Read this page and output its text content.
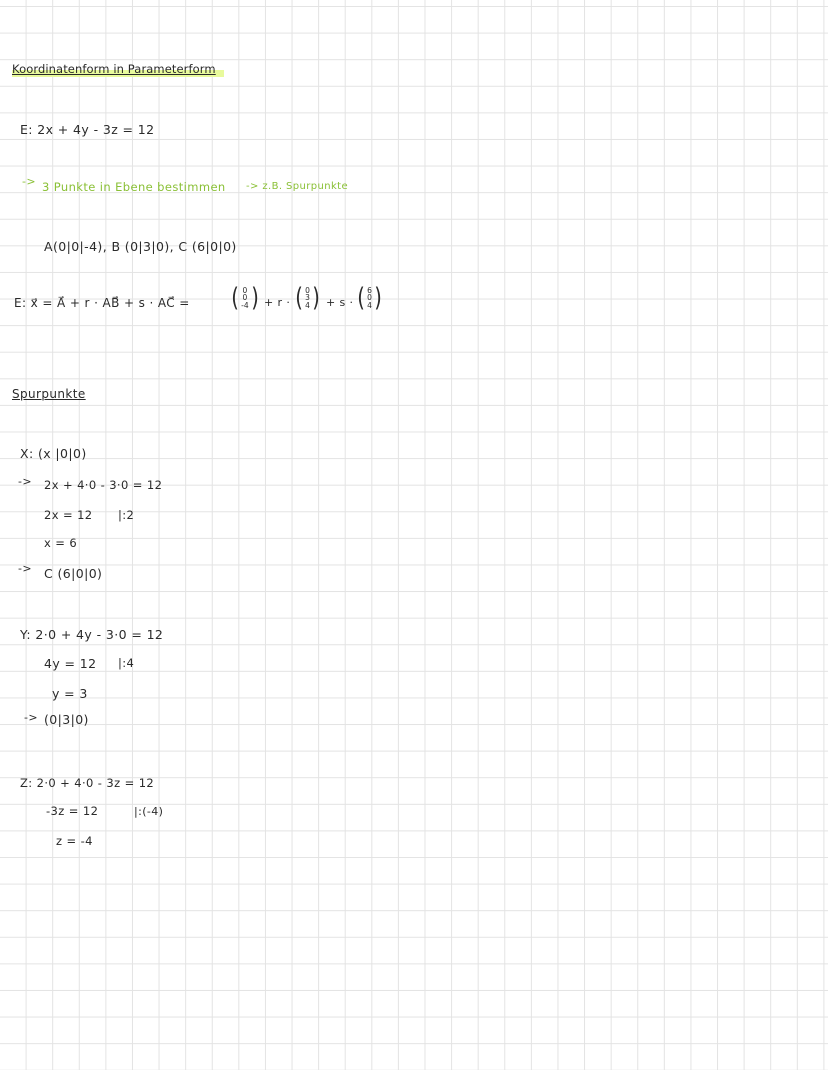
Koordinatenform in Parameterform
E: 2x + 4y - 3z = 12
-> 3 Punkte in Ebene bestimmen -> z.B. Spurpunkte
A(0|0|-4), B (0|3|0), C (6|0|0)
E: x⃗ = A⃗ + r · AB⃗ + s · AC⃗ = ( 0
0
-4 ) + r · ( 0
3
4 ) + s · ( 6
0
4 )
Spurpunkte
X: (x |0|0)
-> 2x + 4·0 - 3·0 = 12
2x = 12 |:2
x = 6
-> C (6|0|0)
Y: 2·0 + 4y - 3·0 = 12
4y = 12 |:4
y = 3
-> (0|3|0)
Z: 2·0 + 4·0 - 3z = 12
-3z = 12	|:(-4)
z = -4
